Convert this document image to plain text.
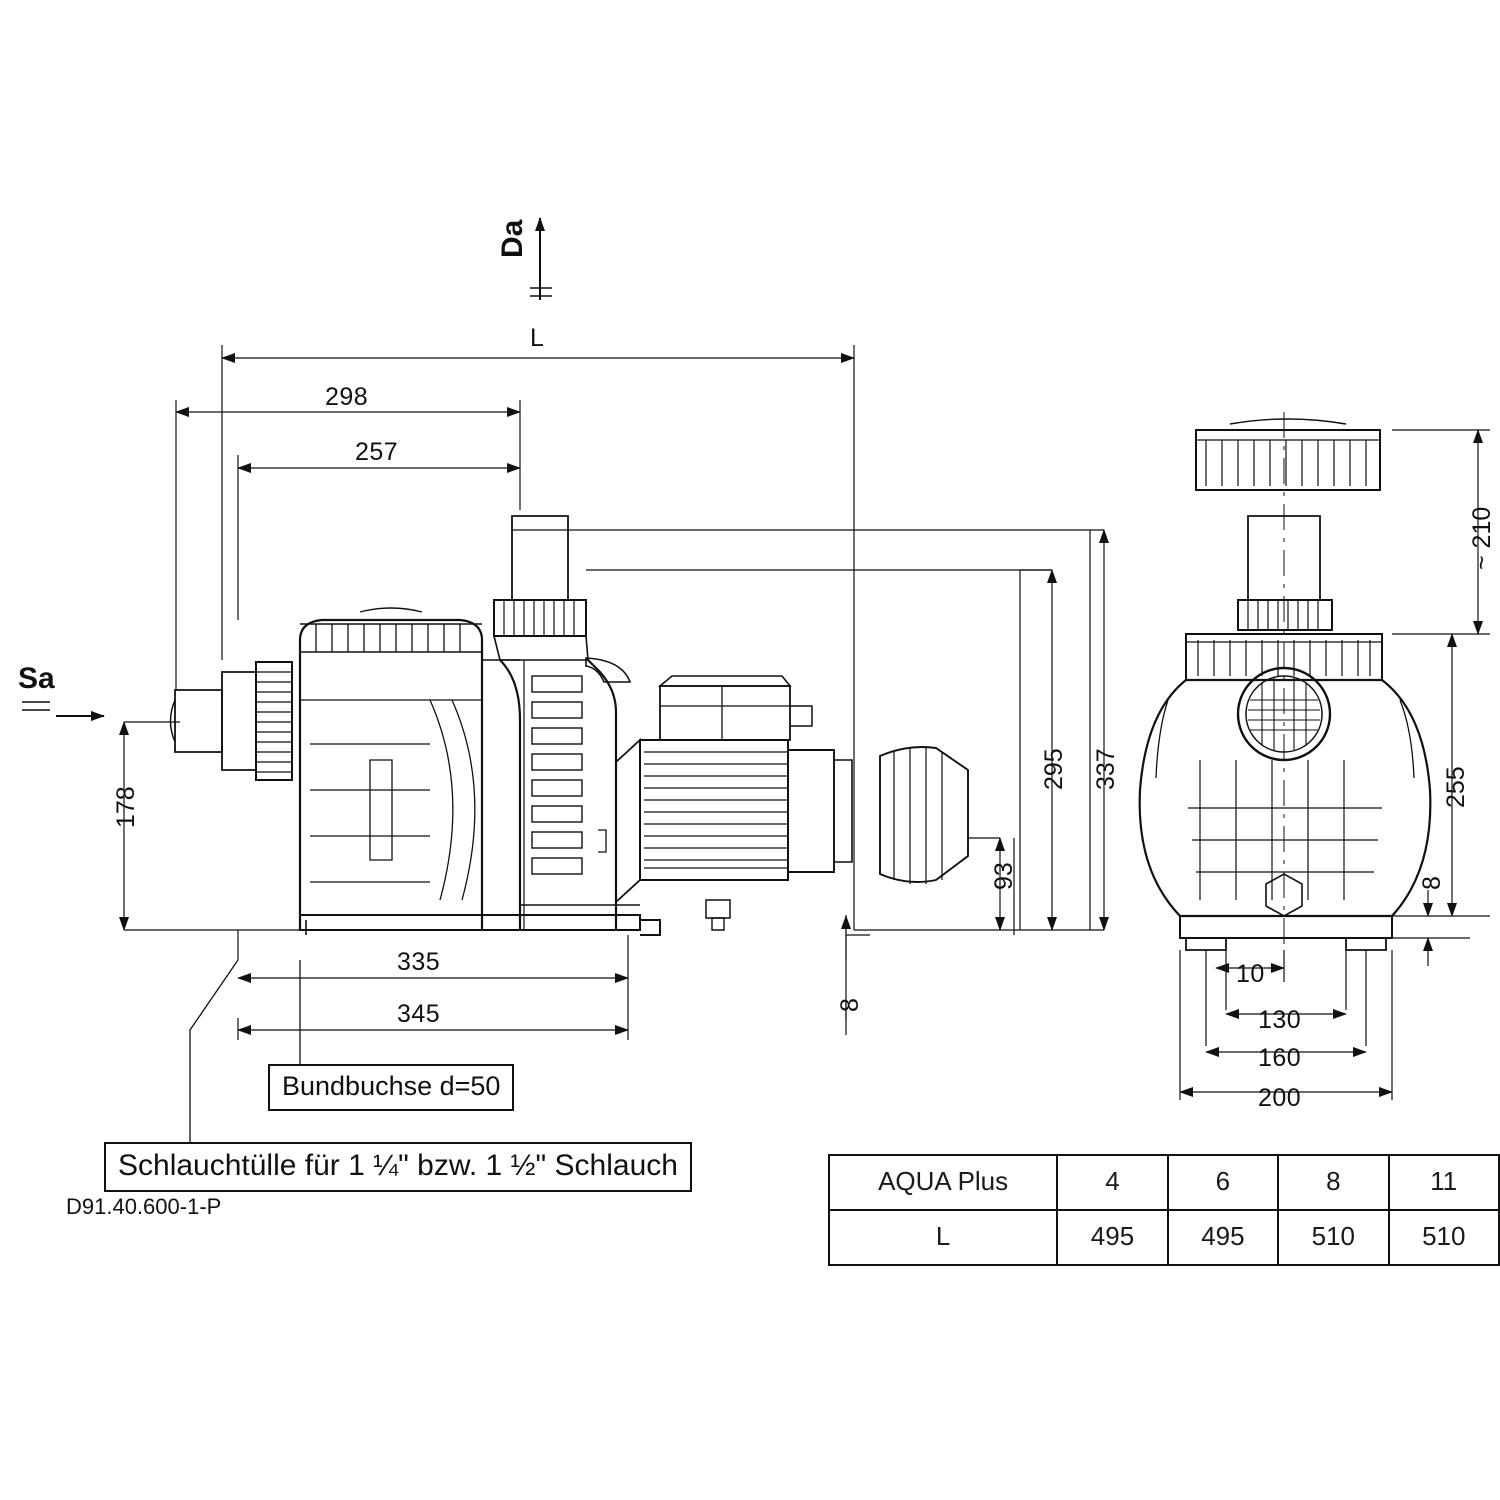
Da
Sa
L
298
257
178
335
345
295 337
93
8
~ 210
255
8
10
130
160
200
Bundbuchse d=50
Schlauchtülle für 1 ¼" bzw. 1 ½" Schlauch
D91.40.600-1-P
AQUA Plus	4	6	8	11
L	495	495	510	510
